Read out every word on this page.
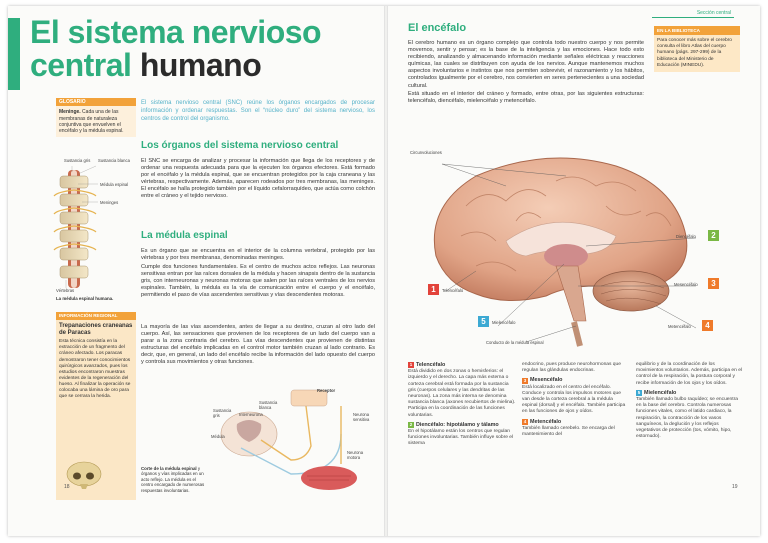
El sistema nervioso
central humano
GLOSARIO
Meninge. Cada una de las membranas de naturaleza conjuntiva que envuelven el encéfalo y la médula espinal.
Sustancia gris Sustancia blanca
Médula espinal
Meninges
Vértebras
La médula espinal humana.
INFORMACIÓN REGIONAL
Trepanaciones craneanas de Paracas
Esta técnica consistía en la extracción de un fragmento del cráneo afectado. Los paracas demostraron tener conocimientos quirúrgicos avanzados, pues los estudios encontraron muestras evidentes de la regeneración del hueso. Al finalizar la operación se colocaba una lámina de oro para que se cerrara la herida.
El sistema nervioso central (SNC) reúne los órganos encargados de procesar información y ordenar respuestas. Son el “núcleo duro” del sistema nervioso, los centros de control del organismo.
Los órganos del sistema nervioso central
El SNC se encarga de analizar y procesar la información que llega de los receptores y de ordenar una respuesta adecuada para que la ejecuten los órganos efectores. Está formado por el encéfalo y la médula espinal, que se encuentran protegidos por la caja craneana y las vértebras, respectivamente. Además, aparecen rodeados por tres membranas, las meninges. El encéfalo se halla protegido también por el líquido cefalorraquídeo, que actúa como colchón entre el cráneo y el tejido nervioso.
La médula espinal
Es un órgano que se encuentra en el interior de la columna vertebral, protegido por las vértebras y por tres membranas, denominadas meninges.
Cumple dos funciones fundamentales. Es el centro de muchos actos reflejos. Las neuronas sensitivas entran por las raíces dorsales de la médula y hacen sinapsis dentro de la sustancia gris, con interneuronas y neuronas motoras que salen por las raíces ventrales de los nervios espinales. También, la médula es la vía de comunicación entre el cuerpo y el encéfalo, permitiendo el paso de vías ascendentes sensitivas y vías descendentes motoras.
La mayoría de las vías ascendentes, antes de llegar a su destino, cruzan al otro lado del cuerpo. Así, las sensaciones que provienen de los receptores de un lado del cuerpo van a parar a la zona contraria del cerebro. Las vías descendentes que provienen de distintas estructuras del encéfalo implicadas en el control motor también cruzan al lado contrario. Es decir, que, en general, un lado del encéfalo recibe la información del lado opuesto del cuerpo y controla sus movimientos y otras funciones.
Receptor
Sustancia gris	Interneurona
Sustancia blanca
Neurona sensitiva
Médula
Neurona motora
Corte de la médula espinal y órganos y vías implicadas en un acto reflejo. La médula es el centro encargado de numerosas respuestas involuntarias.
18
Sección central
El encéfalo
El cerebro humano es un órgano complejo que controla todo nuestro cuerpo y nos permite movernos, sentir y pensar; es la base de la inteligencia y las emociones. Hace todo esto recibiendo, analizando y almacenando información mediante señales eléctricas y reacciones químicas, las cuales se distribuyen con ayuda de los nervios. Aunque mantenemos muchos aspectos involuntarios e instintos que nos permiten sobrevivir, el razonamiento y los hábitos, controlados igualmente por el cerebro, nos convierten en seres pertenecientes a una sociedad cultural.
Está situado en el interior del cráneo y formado, entre otras, por las siguientes estructuras: telencéfalo, diencéfalo, mielencéfalo y metencéfalo.
EN LA BIBLIOTECA
Para conocer más sobre el cerebro consulta el libro Atlas del cuerpo humano (págs. 297-299) de la biblioteca del Ministerio de Educación (MINEDU).
Circunvoluciones
1	Telencéfalo
Diencéfalo	2
Mesencéfalo	3
5	Mielencéfalo
Metencéfalo	4
Conducto de la médula espinal
1 Telencéfalo
Está dividido en dos zonas o hemisferios: el izquierdo y el derecho. La capa más externa o corteza cerebral está formada por la sustancia gris (cuerpos celulares y las dendritas de las neuronas). La zona más interna se denomina sustancia blanca (axones recubiertos de mielina). Participa en la coordinación de las funciones voluntarias.
2 Diencéfalo: hipotálamo y tálamo
En el hipotálamo están los centros que regulan funciones involuntarias. También influye sobre el sistema
endocrino, pues produce neurohormonas que regulan las glándulas endocrinas.
3 Mesencéfalo
Está localizado en el centro del encéfalo. Conduce y controla los impulsos motores que van desde la corteza cerebral a la médula espinal (dorsal) y el encéfalo. También participa en las funciones de ojos y oídos.
4 Metencéfalo
También llamado cerebelo. Se encarga del mantenimiento del
equilibrio y de la coordinación de los movimientos voluntarios. Además, participa en el control de la respiración, la postura corporal y recibe información de los ojos y los oídos.
5 Mielencéfalo
También llamado bulbo raquídeo; se encuentra en la base del cerebro. Controla numerosas funciones vitales, como el latido cardiaco, la respiración, la contracción de los vasos sanguíneos, la deglución y los reflejos vegetativos de protección (tos, vómito, hipo, estornudo).
19
